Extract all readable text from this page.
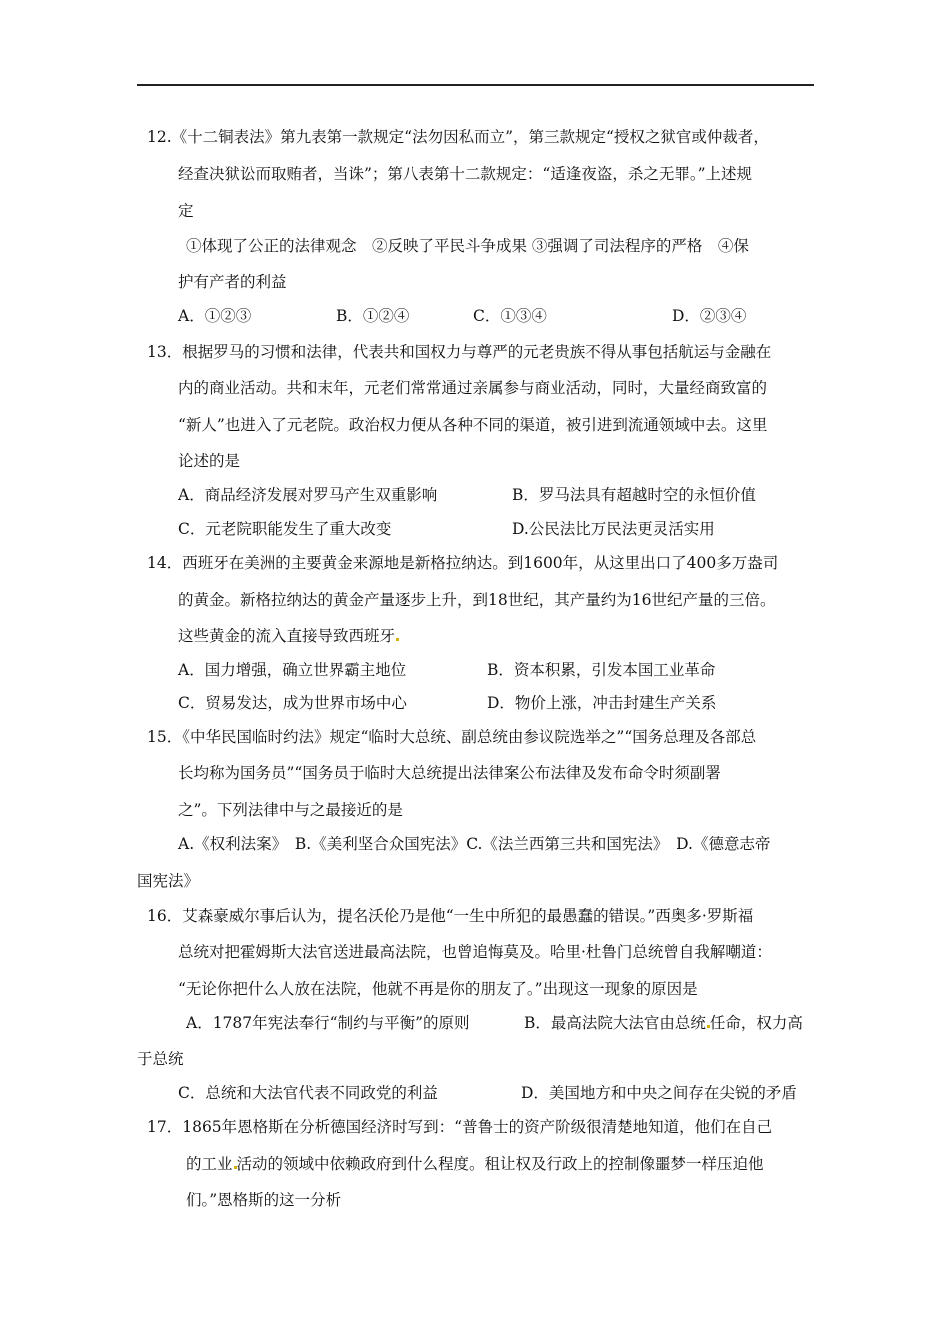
12.《十二铜表法》第九表第一款规定“法勿因私而立”，第三款规定“授权之狱官或仲裁者，
经查决狱讼而取贿者，当诛”；第八表第十二款规定：“适逢夜盗，杀之无罪。”上述规
定
①体现了公正的法律观念　②反映了平民斗争成果 ③强调了司法程序的严格　④保
护有产者的利益
A．①②③	B．①②④	C．①③④	D．②③④
13．根据罗马的习惯和法律，代表共和国权力与尊严的元老贵族不得从事包括航运与金融在
内的商业活动。共和末年，元老们常常通过亲属参与商业活动，同时，大量经商致富的
“新人”也进入了元老院。政治权力便从各种不同的渠道，被引进到流通领域中去。这里
论述的是
A．商品经济发展对罗马产生双重影响	B．罗马法具有超越时空的永恒价值
C．元老院职能发生了重大改变	D.公民法比万民法更灵活实用
14．西班牙在美洲的主要黄金来源地是新格拉纳达。到1600年，从这里出口了400多万盎司
的黄金。新格拉纳达的黄金产量逐步上升，到18世纪，其产量约为16世纪产量的三倍。
这些黄金的流入直接导致西班牙
A．国力增强，确立世界霸主地位	B．资本积累，引发本国工业革命
C．贸易发达，成为世界市场中心	D．物价上涨，冲击封建生产关系
15．《中华民国临时约法》规定“临时大总统、副总统由参议院选举之”“国务总理及各部总
长均称为国务员”“国务员于临时大总统提出法律案公布法律及发布命令时须副署
之”。下列法律中与之最接近的是
A.《权利法案》　B.《美利坚合众国宪法》C.《法兰西第三共和国宪法》　D.《德意志帝
国宪法》
16．艾森豪威尔事后认为，提名沃伦乃是他“一生中所犯的最愚蠢的错误。”西奥多·罗斯福
总统对把霍姆斯大法官送进最高法院，也曾追悔莫及。哈里·杜鲁门总统曾自我解嘲道：
“无论你把什么人放在法院，他就不再是你的朋友了。”出现这一现象的原因是
A．1787年宪法奉行“制约与平衡”的原则	B．最高法院大法官由总统 任命，权力高
于总统
C．总统和大法官代表不同政党的利益	D．美国地方和中央之间存在尖锐的矛盾
17．1865年恩格斯在分析德国经济时写到：“普鲁士的资产阶级很清楚地知道，他们在自己
的工业 活动的领域中依赖政府到什么程度。租让权及行政上的控制像噩梦一样压迫他
们。”恩格斯的这一分析
